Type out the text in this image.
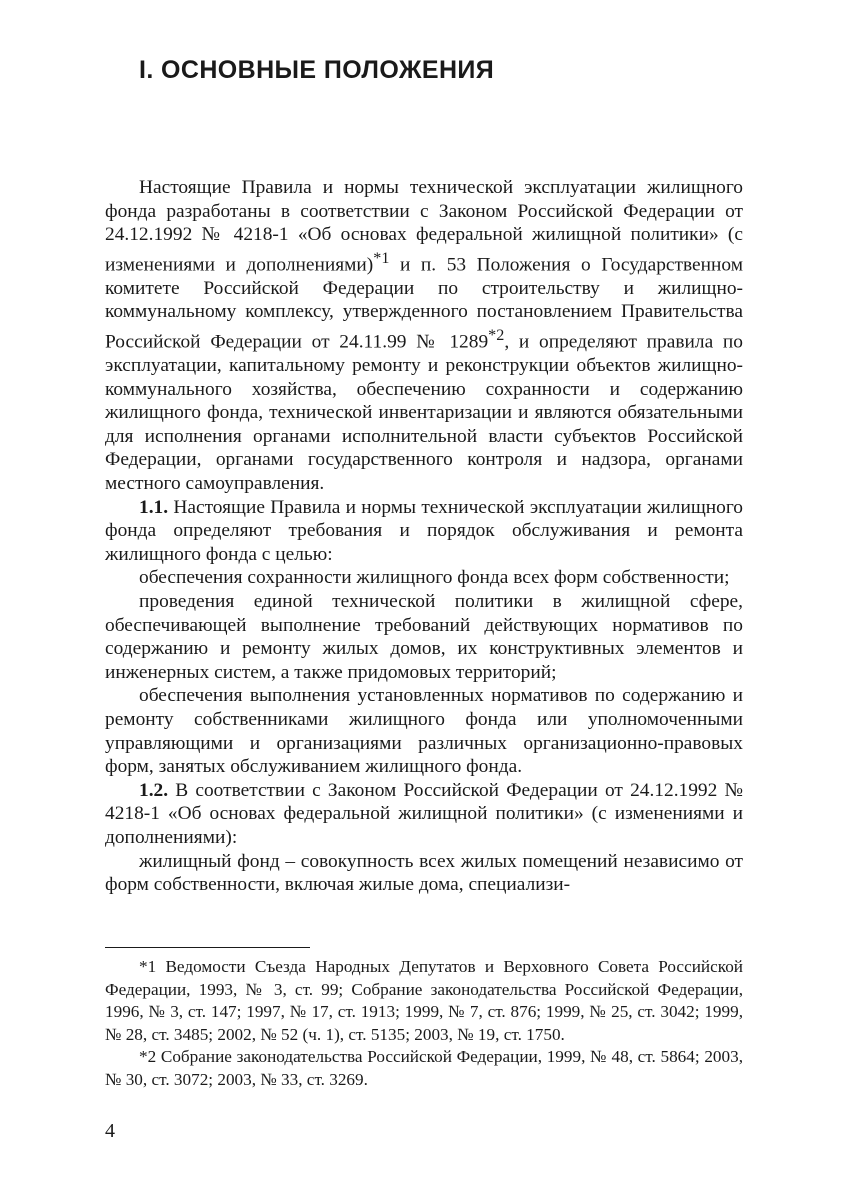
I. ОСНОВНЫЕ ПОЛОЖЕНИЯ

Настоящие Правила и нормы технической эксплуатации жилищного фонда разработаны в соответствии с Законом Российской Федерации от 24.12.1992 № 4218-1 «Об основах федеральной жилищной политики» (с изменениями и дополнениями)$^{*1}$ и п. 53 Положения о Государственном комитете Российской Федерации по строительству и жилищно-коммунальному комплексу, утвержденного постановлением Правительства Российской Федерации от 24.11.99 № 1289$^{*2}$, и определяют правила по эксплуатации, капитальному ремонту и реконструкции объектов жилищно-коммунального хозяйства, обеспечению сохранности и содержанию жилищного фонда, технической инвентаризации и являются обязательными для исполнения органами исполнительной власти субъектов Российской Федерации, органами государственного контроля и надзора, органами местного самоуправления.

1.1. Настоящие Правила и нормы технической эксплуатации жилищного фонда определяют требования и порядок обслуживания и ремонта жилищного фонда с целью:

обеспечения сохранности жилищного фонда всех форм собственности;

проведения единой технической политики в жилищной сфере, обеспечивающей выполнение требований действующих нормативов по содержанию и ремонту жилых домов, их конструктивных элементов и инженерных систем, а также придомовых территорий;

обеспечения выполнения установленных нормативов по содержанию и ремонту собственниками жилищного фонда или уполномоченными управляющими и организациями различных организационно-правовых форм, занятых обслуживанием жилищного фонда.

1.2. В соответствии с Законом Российской Федерации от 24.12.1992 № 4218-1 «Об основах федеральной жилищной политики» (с изменениями и дополнениями):

жилищный фонд – совокупность всех жилых помещений независимо от форм собственности, включая жилые дома, специализи-

*1 Ведомости Съезда Народных Депутатов и Верховного Совета Российской Федерации, 1993, № 3, ст. 99; Собрание законодательства Российской Федерации, 1996, № 3, ст. 147; 1997, № 17, ст. 1913; 1999, № 7, ст. 876; 1999, № 25, ст. 3042; 1999, № 28, ст. 3485; 2002, № 52 (ч. 1), ст. 5135; 2003, № 19, ст. 1750.

*2 Собрание законодательства Российской Федерации, 1999, № 48, ст. 5864; 2003, № 30, ст. 3072; 2003, № 33, ст. 3269.

4
